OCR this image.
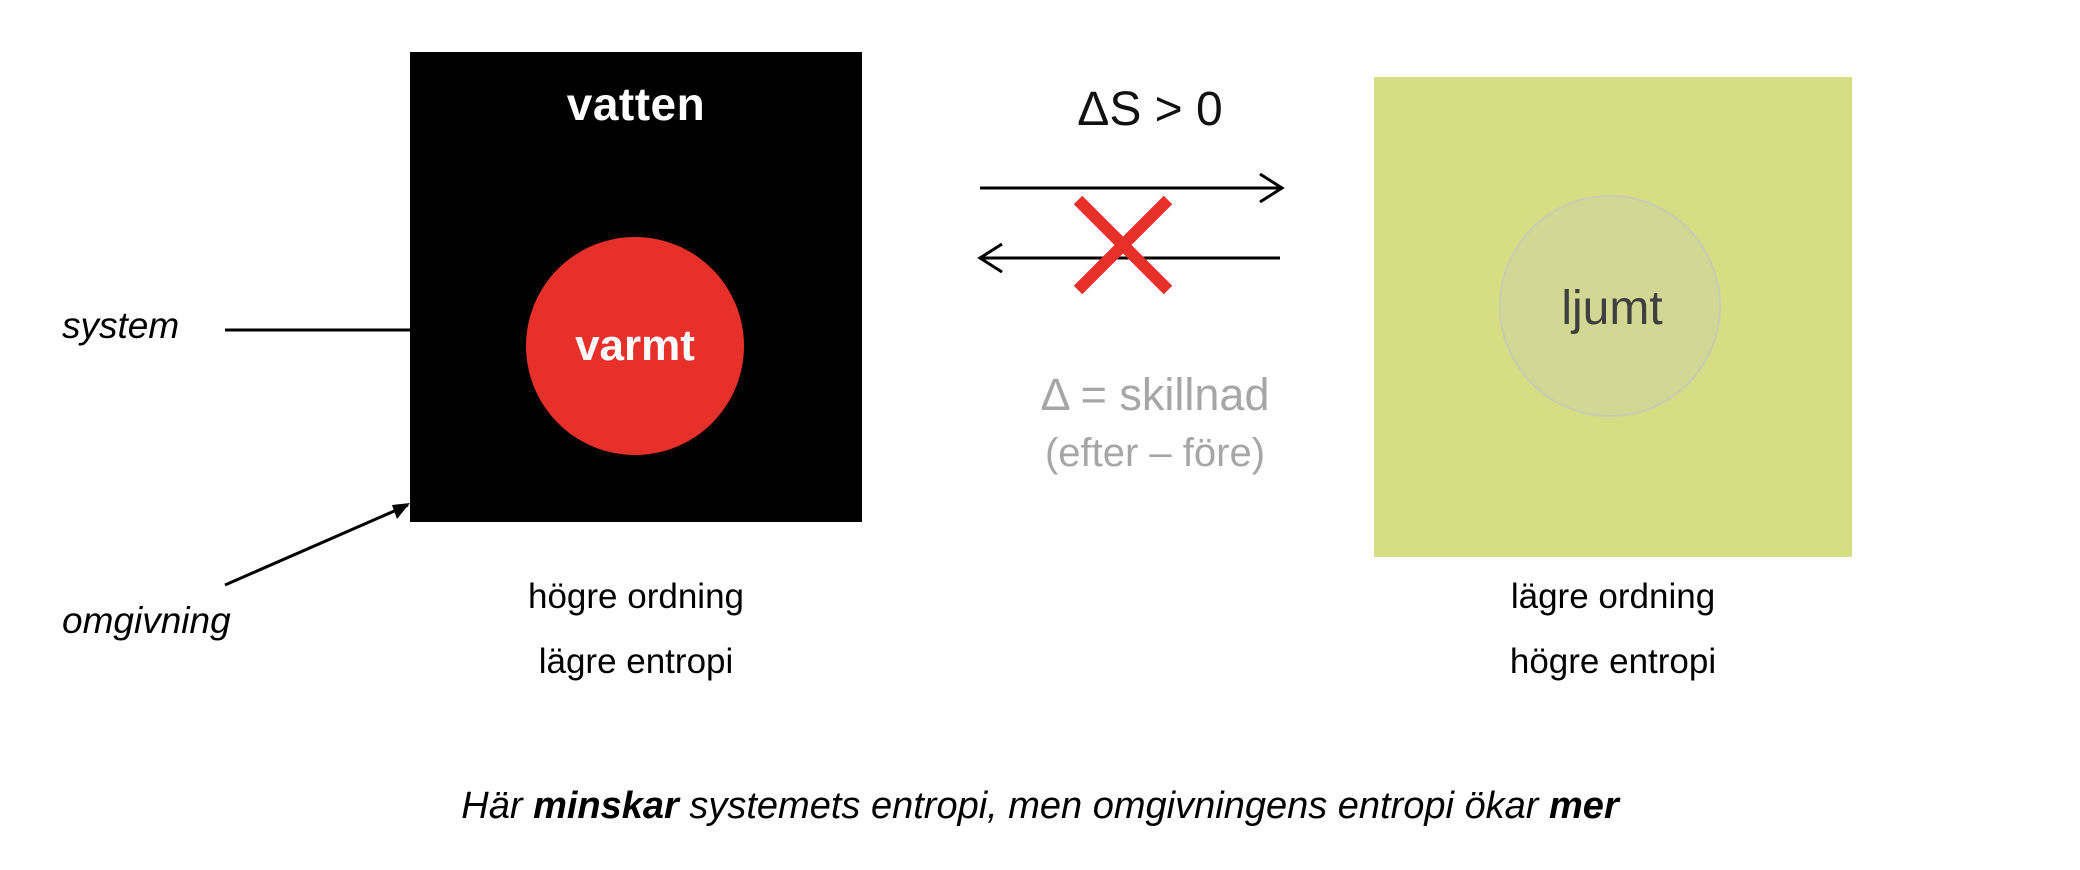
vatten
varmt
högre ordning
lägre entropi
ljumt
lägre ordning
högre entropi
ΔS > 0
Δ = skillnad
(efter – före)
system
omgivning
Här minskar systemets entropi, men omgivningens entropi ökar mer
